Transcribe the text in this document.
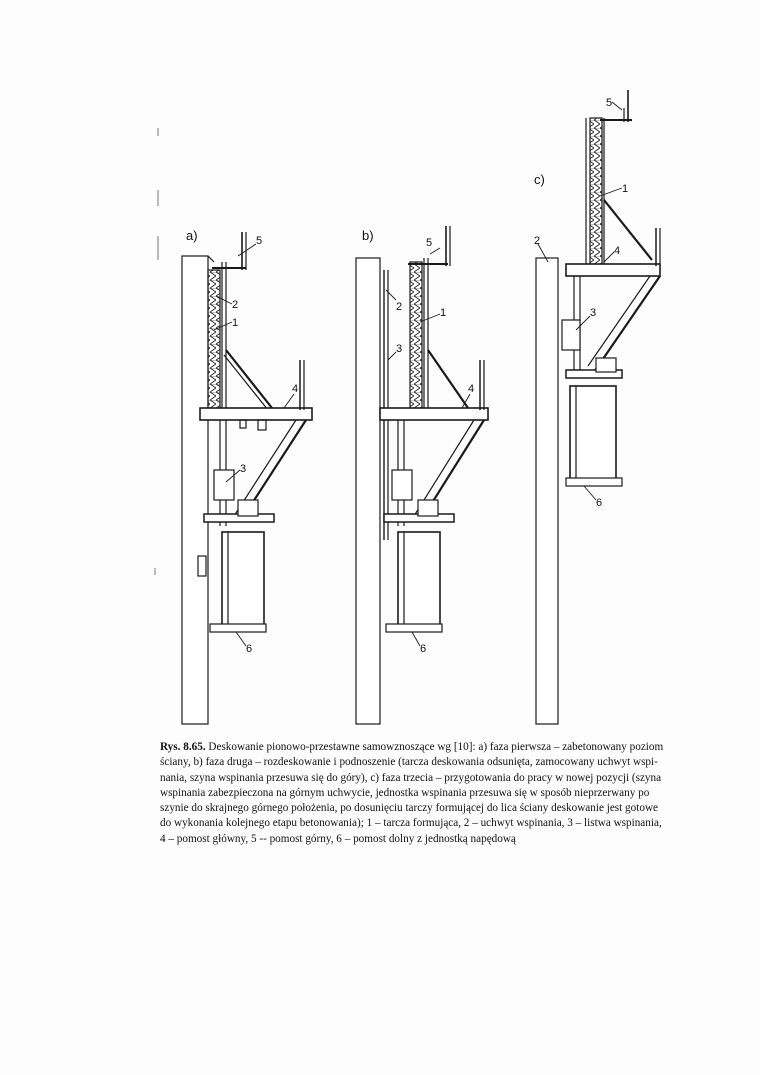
a)	5
2
1
4
3
6
b)	5
2	1
3
4
6
c)
5
1
2
4
3
6
Rys. 8.65. Deskowanie pionowo-przestawne samowznoszące wg [10]: a) faza pierwsza – zabetonowany poziom
ściany, b) faza druga – rozdeskowanie i podnoszenie (tarcza deskowania odsunięta, zamocowany uchwyt wspi-
nania, szyna wspinania przesuwa się do góry), c) faza trzecia – przygotowania do pracy w nowej pozycji (szyna
wspinania zabezpieczona na górnym uchwycie, jednostka wspinania przesuwa się w sposób nieprzerwany po
szynie do skrajnego górnego położenia, po dosunięciu tarczy formującej do lica ściany deskowanie jest gotowe
do wykonania kolejnego etapu betonowania); 1 – tarcza formująca, 2 – uchwyt wspinania, 3 – listwa wspinania,
4 – pomost główny, 5 -- pomost górny, 6 – pomost dolny z jednostką napędową
